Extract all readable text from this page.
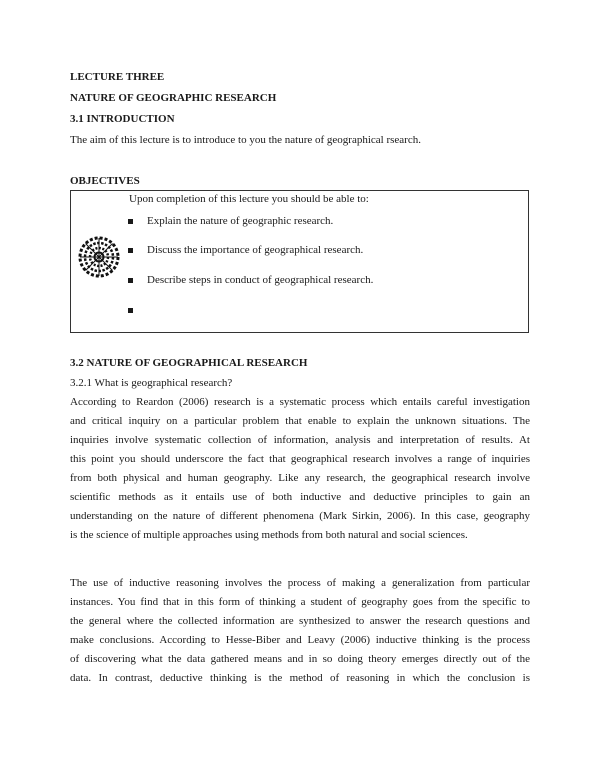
LECTURE THREE
NATURE OF GEOGRAPHIC RESEARCH
3.1 INTRODUCTION
The aim of this lecture is to introduce to you the nature of geographical rsearch.
OBJECTIVES
Upon completion of this lecture you should be able to:
Explain the nature of geographic research.
Discuss the importance of geographical research.
Describe steps in conduct of geographical research.
3.2 NATURE OF GEOGRAPHICAL RESEARCH
3.2.1 What is geographical research?
According to Reardon (2006) research is a systematic process which entails careful investigation
and critical inquiry on a particular problem that enable to explain the unknown situations. The
inquiries involve systematic collection of information, analysis and interpretation of results. At
this point you should underscore the fact that geographical research involves a range of inquiries
from both physical and human geography. Like any research, the geographical research involve
scientific methods as it entails use of both inductive and deductive principles to gain an
understanding on the nature of different phenomena (Mark Sirkin, 2006). In this case, geography
is the science of multiple approaches using methods from both natural and social sciences.
The use of inductive reasoning involves the process of making a generalization from particular
instances. You find that in this form of thinking a student of geography goes from the specific to
the general where the collected information are synthesized to answer the research questions and
make conclusions. According to Hesse-Biber and Leavy (2006) inductive thinking is the process
of discovering what the data gathered means and in so doing theory emerges directly out of the
data. In contrast, deductive thinking is the method of reasoning in which the conclusion is
